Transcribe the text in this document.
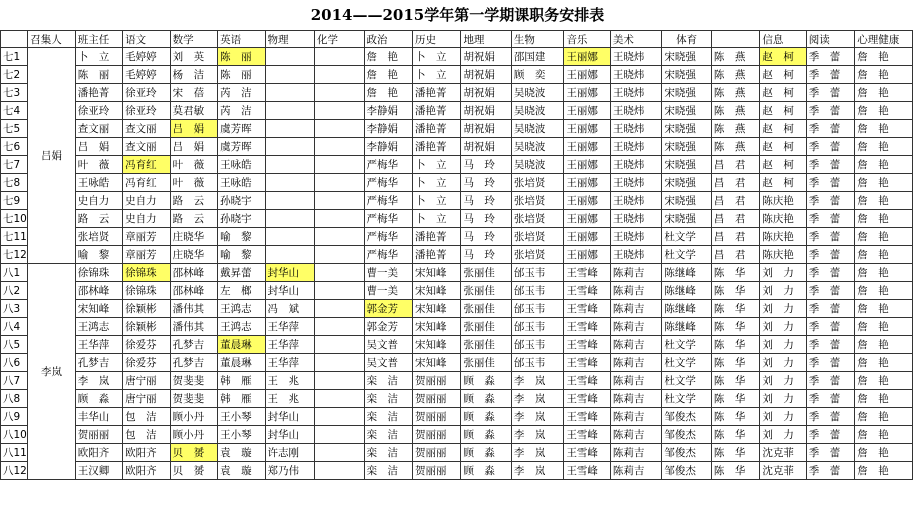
2014——2015学年第一学期课职务安排表
	召集人	班主任	语文	数学	英语	物理	化学	政治	历史	地理	生物	音乐	美术	体育		信息	阅读	心理健康
七1	吕娟	卜　立	毛婷婷	刘　英	陈　丽			詹　艳	卜　立	胡祝娟	邵国建	王丽娜	王晓炜	宋晓强	陈　燕	赵　柯	季　蕾	詹　艳
七2		陈　丽	毛婷婷	杨　洁	陈　丽			詹　艳	卜　立	胡祝娟	顾　奕	王丽娜	王晓炜	宋晓强	陈　燕	赵　柯	季　蕾	詹　艳
七3		潘艳菁	徐亚玲	宋　蓓	芮　洁			詹　艳	潘艳菁	胡祝娟	吴晓波	王丽娜	王晓炜	宋晓强	陈　燕	赵　柯	季　蕾	詹　艳
七4		徐亚玲	徐亚玲	莫君敏	芮　洁			李静娟	潘艳菁	胡祝娟	吴晓波	王丽娜	王晓炜	宋晓强	陈　燕	赵　柯	季　蕾	詹　艳
七5		查文丽	查文丽	吕　娟	虞芳晖			李静娟	潘艳菁	胡祝娟	吴晓波	王丽娜	王晓炜	宋晓强	陈　燕	赵　柯	季　蕾	詹　艳
七6		吕　娟	查文丽	吕　娟	虞芳晖			李静娟	潘艳菁	胡祝娟	吴晓波	王丽娜	王晓炜	宋晓强	陈　燕	赵　柯	季　蕾	詹　艳
七7		叶　薇	冯育红	叶　薇	王咏皓			严梅华	卜　立	马　玲	吴晓波	王丽娜	王晓炜	宋晓强	昌　君	赵　柯	季　蕾	詹　艳
七8		王咏皓	冯育红	叶　薇	王咏皓			严梅华	卜　立	马　玲	张培贤	王丽娜	王晓炜	宋晓强	昌　君	赵　柯	季　蕾	詹　艳
七9		史自力	史自力	路　云	孙晓宇			严梅华	卜　立	马　玲	张培贤	王丽娜	王晓炜	宋晓强	昌　君	陈庆艳	季　蕾	詹　艳
七10		路　云	史自力	路　云	孙晓宇			严梅华	卜　立	马　玲	张培贤	王丽娜	王晓炜	宋晓强	昌　君	陈庆艳	季　蕾	詹　艳
七11		张培贤	章丽芳	庄晓华	喻　黎			严梅华	潘艳菁	马　玲	张培贤	王丽娜	王晓炜	杜文学	昌　君	陈庆艳	季　蕾	詹　艳
七12		喻　黎	章丽芳	庄晓华	喻　黎			严梅华	潘艳菁	马　玲	张培贤	王丽娜	王晓炜	杜文学	昌　君	陈庆艳	季　蕾	詹　艳
八1	李岚	徐锦珠	徐锦珠	邵林峰	戴昇蕾	封华山		曹一美	宋知峰	张丽佳	邰玉韦	王雪峰	陈莉吉	陈继峰	陈　华	刘　力	季　蕾	詹　艳
八2		邵林峰	徐锦珠	邵林峰	左　榔	封华山		曹一美	宋知峰	张丽佳	邰玉韦	王雪峰	陈莉吉	陈继峰	陈　华	刘　力	季　蕾	詹　艳
八3		宋知峰	徐颖彬	潘伟其	王鸿志	冯　斌		郭金芳	宋知峰	张丽佳	邰玉韦	王雪峰	陈莉吉	陈继峰	陈　华	刘　力	季　蕾	詹　艳
八4		王鸿志	徐颖彬	潘伟其	王鸿志	王华萍		郭金芳	宋知峰	张丽佳	邰玉韦	王雪峰	陈莉吉	陈继峰	陈　华	刘　力	季　蕾	詹　艳
八5		王华萍	徐爱芬	孔梦吉	董晨琳	王华萍		吴文普	宋知峰	张丽佳	邰玉韦	王雪峰	陈莉吉	杜文学	陈　华	刘　力	季　蕾	詹　艳
八6		孔梦吉	徐爱芬	孔梦吉	董晨琳	王华萍		吴文普	宋知峰	张丽佳	邰玉韦	王雪峰	陈莉吉	杜文学	陈　华	刘　力	季　蕾	詹　艳
八7		李　岚	唐宁丽	贺斐斐	韩　雁	王　兆		栾　洁	贺丽丽	顾　淼	李　岚	王雪峰	陈莉吉	杜文学	陈　华	刘　力	季　蕾	詹　艳
八8		顾　淼	唐宁丽	贺斐斐	韩　雁	王　兆		栾　洁	贺丽丽	顾　淼	李　岚	王雪峰	陈莉吉	杜文学	陈　华	刘　力	季　蕾	詹　艳
八9		丰华山	包　洁	顾小丹	王小琴	封华山		栾　洁	贺丽丽	顾　淼	李　岚	王雪峰	陈莉吉	邹俊杰	陈　华	刘　力	季　蕾	詹　艳
八10		贺丽丽	包　洁	顾小丹	王小琴	封华山		栾　洁	贺丽丽	顾　淼	李　岚	王雪峰	陈莉吉	邹俊杰	陈　华	刘　力	季　蕾	詹　艳
八11		欧阳齐	欧阳齐	贝　赟	袁　璇	许志刚		栾　洁	贺丽丽	顾　淼	李　岚	王雪峰	陈莉吉	邹俊杰	陈　华	沈克菲	季　蕾	詹　艳
八12		王汉卿	欧阳齐	贝　赟	袁　璇	郑乃伟		栾　洁	贺丽丽	顾　淼	李　岚	王雪峰	陈莉吉	邹俊杰	陈　华	沈克菲	季　蕾	詹　艳
